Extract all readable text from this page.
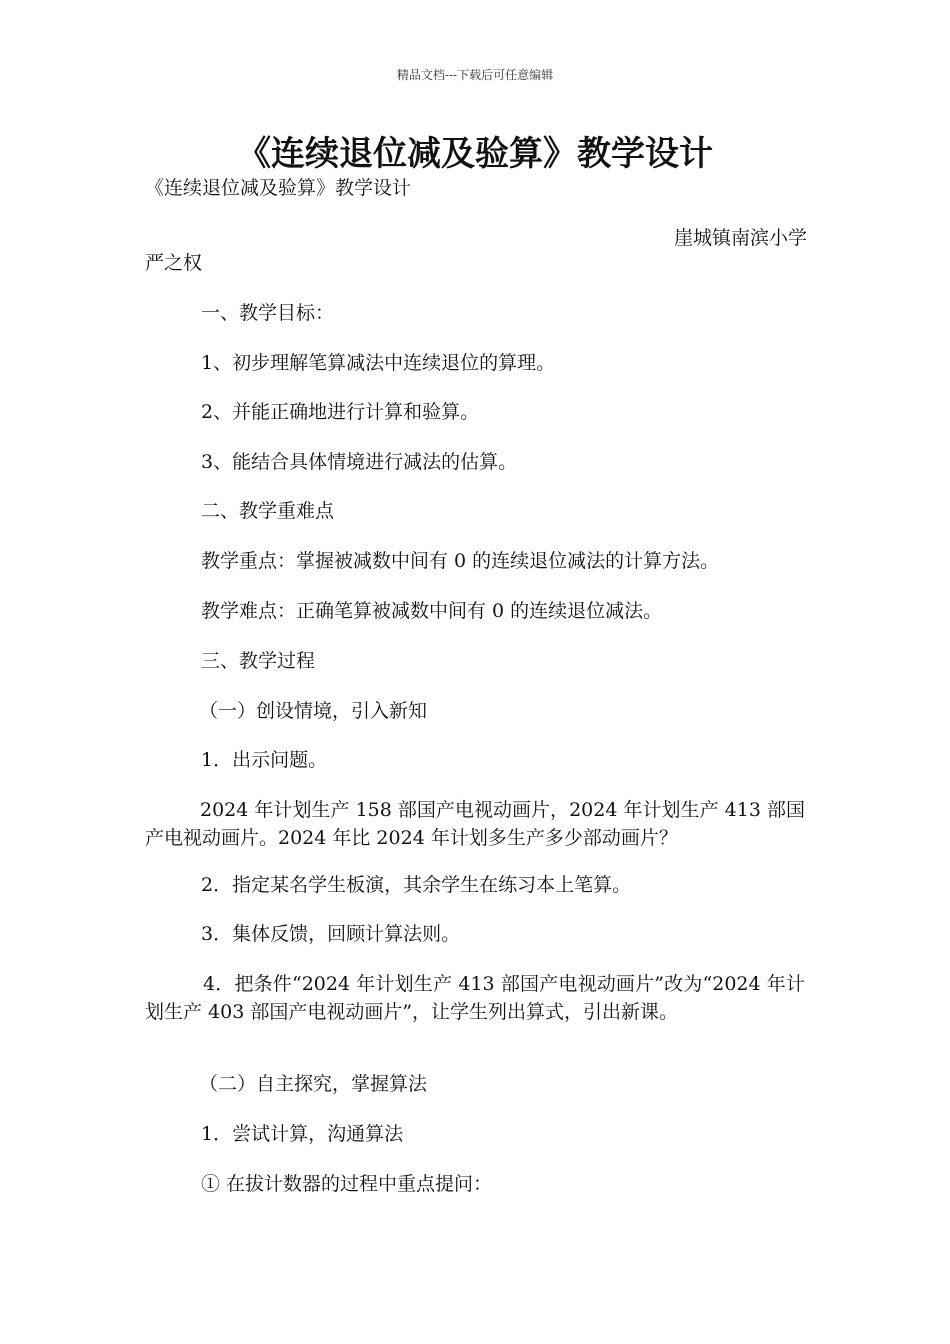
精品文档---下载后可任意编辑
《连续退位减及验算》教学设计
《连续退位减及验算》教学设计
崖城镇南滨小学
严之权
一、教学目标：
1、初步理解笔算减法中连续退位的算理。
2、并能正确地进行计算和验算。
3、能结合具体情境进行减法的估算。
二、教学重难点
教学重点：掌握被减数中间有 0 的连续退位减法的计算方法。
教学难点：正确笔算被减数中间有 0 的连续退位减法。
三、教学过程
（一）创设情境，引入新知
1．出示问题。
2024 年计划生产 158 部国产电视动画片，2024 年计划生产 413 部国产电视动画片。2024 年比 2024 年计划多生产多少部动画片？
2．指定某名学生板演，其余学生在练习本上笔算。
3．集体反馈，回顾计算法则。
4．把条件“2024 年计划生产 413 部国产电视动画片”改为“2024 年计划生产 403 部国产电视动画片”，让学生列出算式，引出新课。
（二）自主探究，掌握算法
1．尝试计算，沟通算法
① 在拔计数器的过程中重点提问：
